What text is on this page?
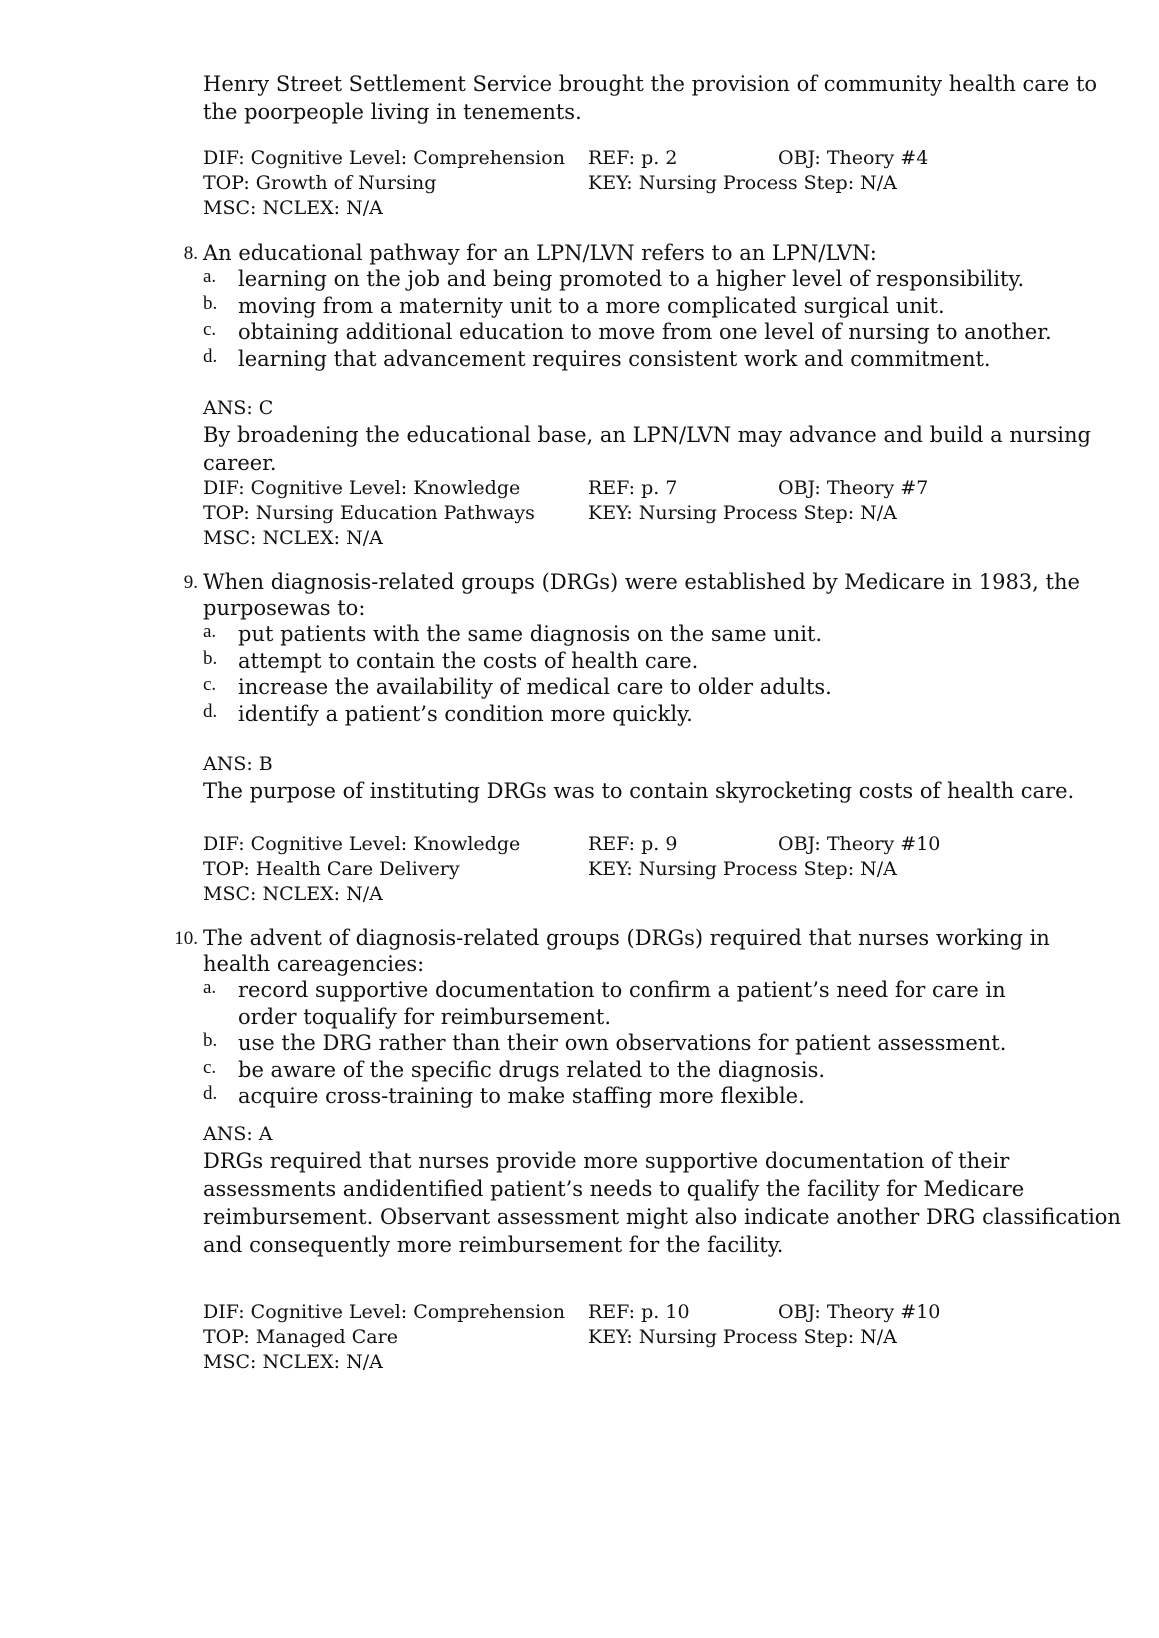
Henry Street Settlement Service brought the provision of community health care to
the poorpeople living in tenements.

DIF: Cognitive Level: Comprehension REF: p. 2	OBJ: Theory #4
TOP: Growth of Nursing	KEY: Nursing Process Step: N/A
MSC: NCLEX: N/A
8. An educational pathway for an LPN/LVN refers to an LPN/LVN:
a. learning on the job and being promoted to a higher level of responsibility.
b. moving from a maternity unit to a more complicated surgical unit.
c. obtaining additional education to move from one level of nursing to another.
d. learning that advancement requires consistent work and commitment.
ANS: C
By broadening the educational base, an LPN/LVN may advance and build a nursing career.
DIF: Cognitive Level: Knowledge	REF: p. 7	OBJ: Theory #7
TOP: Nursing Education Pathways	KEY: Nursing Process Step: N/A
MSC: NCLEX: N/A
9. When diagnosis-related groups (DRGs) were established by Medicare in 1983, the
purposewas to:
a. put patients with the same diagnosis on the same unit.
b. attempt to contain the costs of health care.
c. increase the availability of medical care to older adults.
d. identify a patient’s condition more quickly.
ANS: B
The purpose of instituting DRGs was to contain skyrocketing costs of health care.
DIF: Cognitive Level: Knowledge	REF: p. 9	OBJ: Theory #10
TOP: Health Care Delivery	KEY: Nursing Process Step: N/A
MSC: NCLEX: N/A
10. The advent of diagnosis-related groups (DRGs) required that nurses working in
health careagencies:
a. record supportive documentation to confirm a patient’s need for care in
order toqualify for reimbursement.
b. use the DRG rather than their own observations for patient assessment.
c. be aware of the specific drugs related to the diagnosis.
d. acquire cross-training to make staffing more flexible.
ANS: A
DRGs required that nurses provide more supportive documentation of their
assessments andidentified patient’s needs to qualify the facility for Medicare
reimbursement. Observant assessment might also indicate another DRG classification
and consequently more reimbursement for the facility.
DIF: Cognitive Level: Comprehension REF: p. 10	OBJ: Theory #10
TOP: Managed Care	KEY: Nursing Process Step: N/A
MSC: NCLEX: N/A
